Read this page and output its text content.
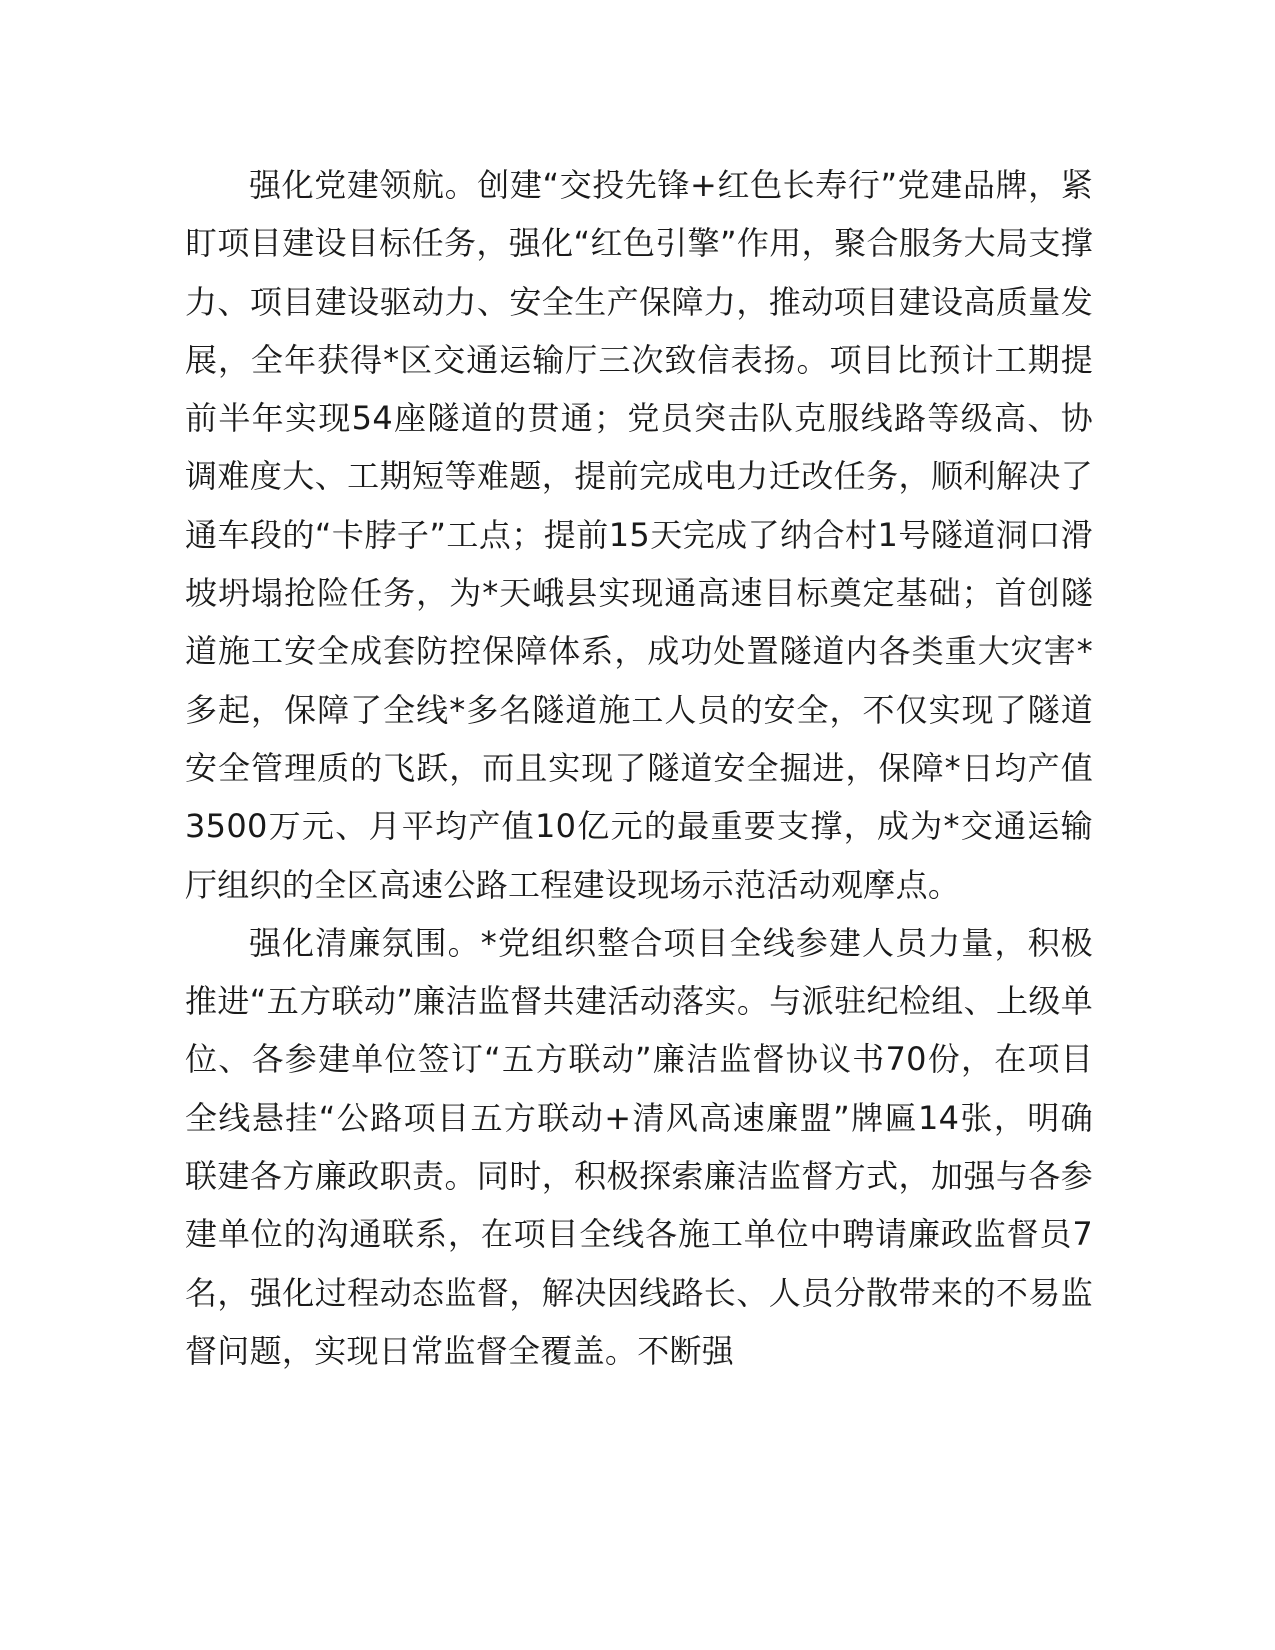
强化党建领航。创建“交投先锋+红色长寿行”党建品牌，紧盯项目建设目标任务，强化“红色引擎”作用，聚合服务大局支撑力、项目建设驱动力、安全生产保障力，推动项目建设高质量发展，全年获得*区交通运输厅三次致信表扬。项目比预计工期提前半年实现54座隧道的贯通；党员突击队克服线路等级高、协调难度大、工期短等难题，提前完成电力迁改任务，顺利解决了通车段的“卡脖子”工点；提前15天完成了纳合村1号隧道洞口滑坡坍塌抢险任务，为*天峨县实现通高速目标奠定基础；首创隧道施工安全成套防控保障体系，成功处置隧道内各类重大灾害*多起，保障了全线*多名隧道施工人员的安全，不仅实现了隧道安全管理质的飞跃，而且实现了隧道安全掘进，保障*日均产值3500万元、月平均产值10亿元的最重要支撑，成为*交通运输厅组织的全区高速公路工程建设现场示范活动观摩点。

强化清廉氛围。*党组织整合项目全线参建人员力量，积极推进“五方联动”廉洁监督共建活动落实。与派驻纪检组、上级单位、各参建单位签订“五方联动”廉洁监督协议书70份，在项目全线悬挂“公路项目五方联动+清风高速廉盟”牌匾14张，明确联建各方廉政职责。同时，积极探索廉洁监督方式，加强与各参建单位的沟通联系，在项目全线各施工单位中聘请廉政监督员7名，强化过程动态监督，解决因线路长、人员分散带来的不易监督问题，实现日常监督全覆盖。不断强
